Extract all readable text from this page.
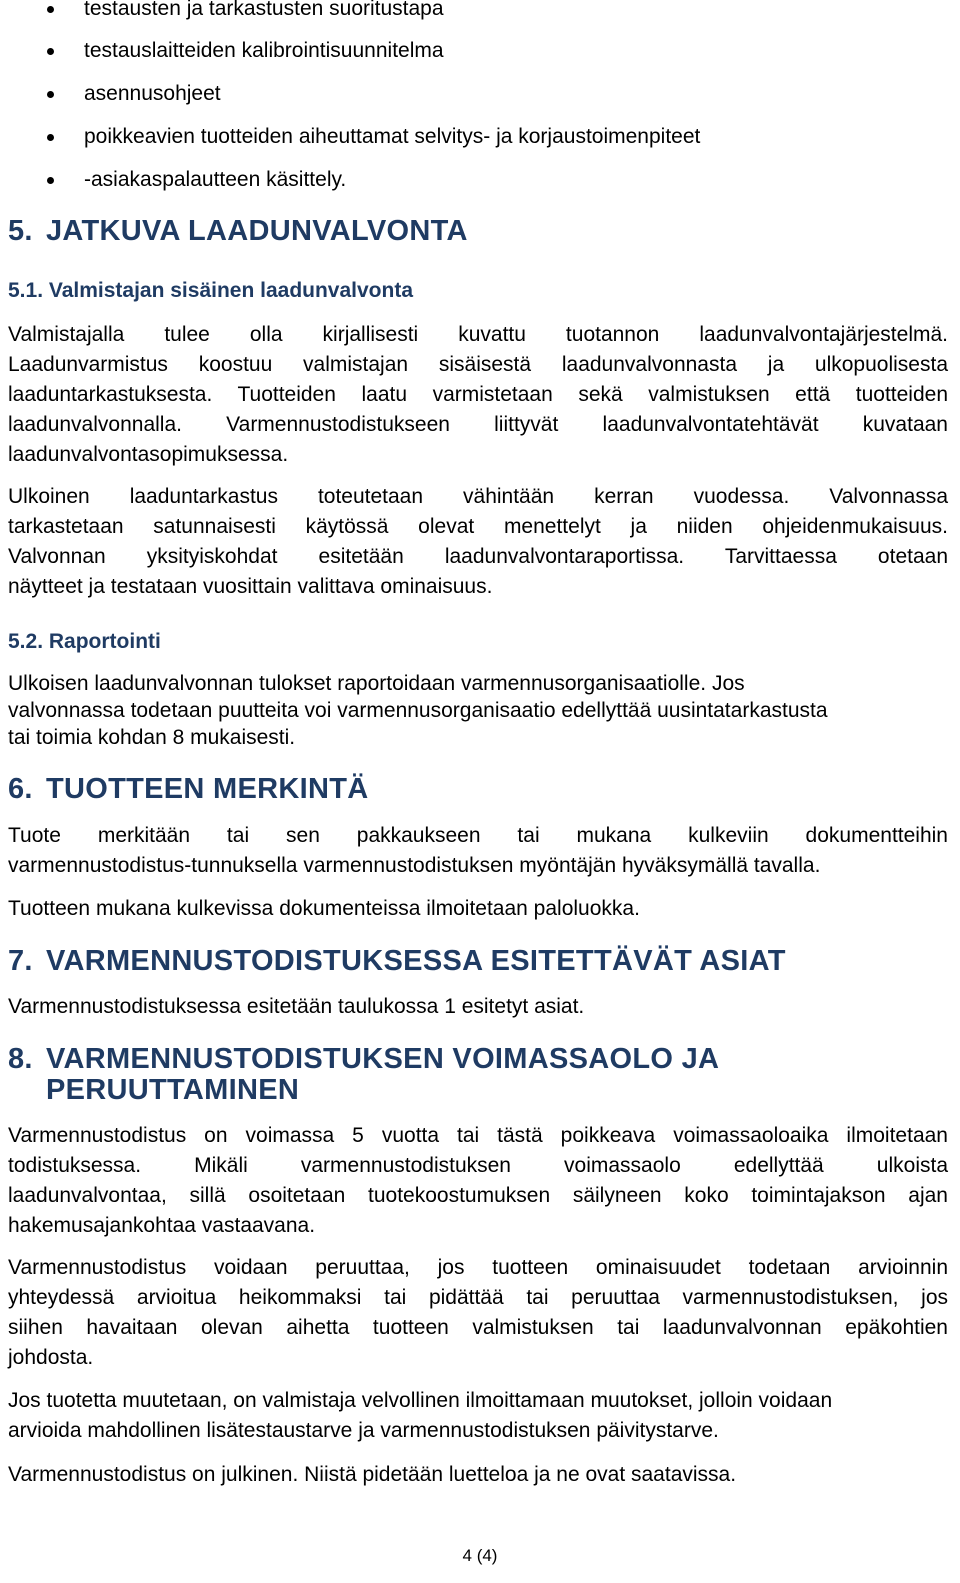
testausten ja tarkastusten suoritustapa
testauslaitteiden kalibrointisuunnitelma
asennusohjeet
poikkeavien tuotteiden aiheuttamat selvitys- ja korjaustoimenpiteet
-asiakaspalautteen käsittely.
5. JATKUVA LAADUNVALVONTA
5.1. Valmistajan sisäinen laadunvalvonta
Valmistajalla tulee olla kirjallisesti kuvattu tuotannon laadunvalvontajärjestelmä.
Laadunvarmistus koostuu valmistajan sisäisestä laadunvalvonnasta ja ulkopuolisesta
laaduntarkastuksesta. Tuotteiden laatu varmistetaan sekä valmistuksen että tuotteiden
laadunvalvonnalla. Varmennustodistukseen liittyvät laadunvalvontatehtävät kuvataan
laadunvalvontasopimuksessa.
Ulkoinen laaduntarkastus toteutetaan vähintään kerran vuodessa. Valvonnassa
tarkastetaan satunnaisesti käytössä olevat menettelyt ja niiden ohjeidenmukaisuus.
Valvonnan yksityiskohdat esitetään laadunvalvontaraportissa. Tarvittaessa otetaan
näytteet ja testataan vuosittain valittava ominaisuus.
5.2. Raportointi
Ulkoisen laadunvalvonnan tulokset raportoidaan varmennusorganisaatiolle. Jos
valvonnassa todetaan puutteita voi varmennusorganisaatio edellyttää uusintatarkastusta
tai toimia kohdan 8 mukaisesti.
6. TUOTTEEN MERKINTÄ
Tuote merkitään tai sen pakkaukseen tai mukana kulkeviin dokumentteihin
varmennustodistus-tunnuksella varmennustodistuksen myöntäjän hyväksymällä tavalla.
Tuotteen mukana kulkevissa dokumenteissa ilmoitetaan paloluokka.
7. VARMENNUSTODISTUKSESSA ESITETTÄVÄT ASIAT
Varmennustodistuksessa esitetään taulukossa 1 esitetyt asiat.
8. VARMENNUSTODISTUKSEN VOIMASSAOLO JA
PERUUTTAMINEN
Varmennustodistus on voimassa 5 vuotta tai tästä poikkeava voimassaoloaika ilmoitetaan
todistuksessa. Mikäli varmennustodistuksen voimassaolo edellyttää ulkoista
laadunvalvontaa, sillä osoitetaan tuotekoostumuksen säilyneen koko toimintajakson ajan
hakemusajankohtaa vastaavana.
Varmennustodistus voidaan peruuttaa, jos tuotteen ominaisuudet todetaan arvioinnin
yhteydessä arvioitua heikommaksi tai pidättää tai peruuttaa varmennustodistuksen, jos
siihen havaitaan olevan aihetta tuotteen valmistuksen tai laadunvalvonnan epäkohtien
johdosta.
Jos tuotetta muutetaan, on valmistaja velvollinen ilmoittamaan muutokset, jolloin voidaan
arvioida mahdollinen lisätestaustarve ja varmennustodistuksen päivitystarve.
Varmennustodistus on julkinen. Niistä pidetään luetteloa ja ne ovat saatavissa.
4 (4)
